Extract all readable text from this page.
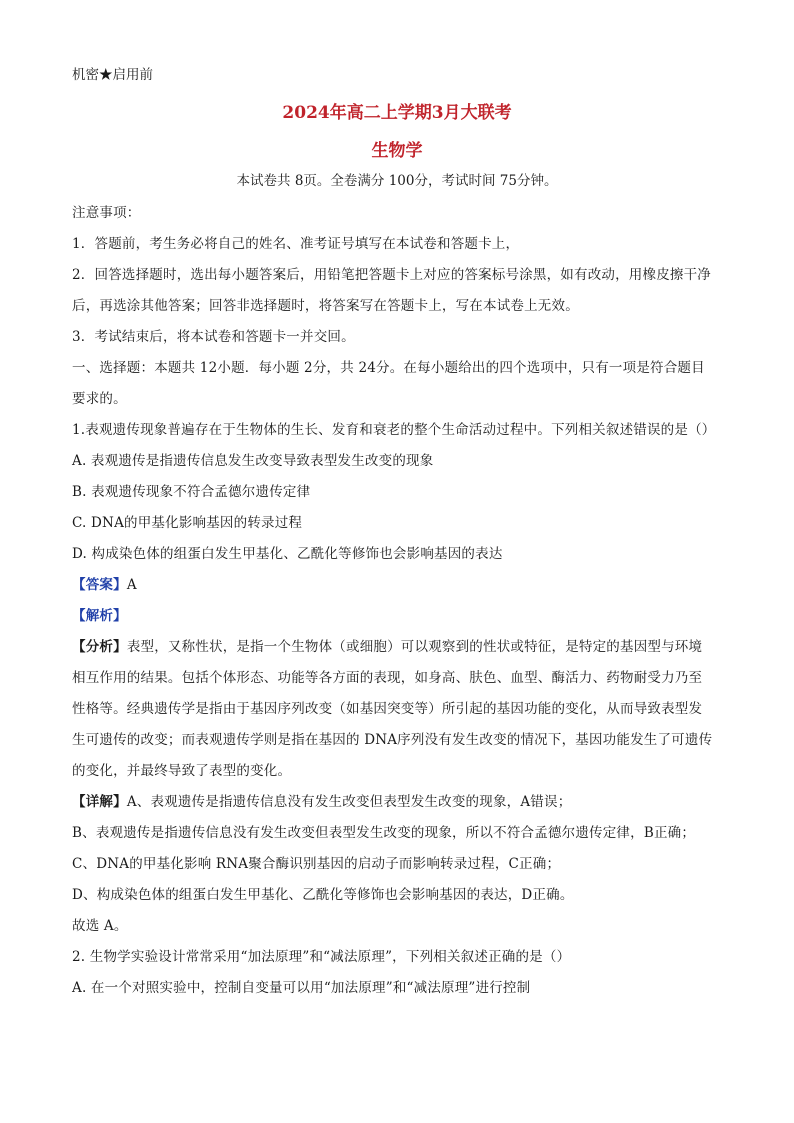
机密★启用前
2024年高二上学期3月大联考
生物学
本试卷共 8页。全卷满分 100分，考试时间 75分钟。
注意事项：
1．答题前，考生务必将自己的姓名、准考证号填写在本试卷和答题卡上，
2．回答选择题时，选出每小题答案后，用铅笔把答题卡上对应的答案标号涂黑，如有改动，用橡皮擦干净
后，再选涂其他答案；回答非选择题时，将答案写在答题卡上，写在本试卷上无效。
3．考试结束后，将本试卷和答题卡一并交回。
一、选择题：本题共 12小题．每小题 2分，共 24分。在每小题给出的四个选项中，只有一项是符合题目
要求的。
1.表观遗传现象普遍存在于生物体的生长、发育和衰老的整个生命活动过程中。下列相关叙述错误的是（）
A. 表观遗传是指遗传信息发生改变导致表型发生改变的现象
B. 表观遗传现象不符合孟德尔遗传定律
C. DNA的甲基化影响基因的转录过程
D. 构成染色体的组蛋白发生甲基化、乙酰化等修饰也会影响基因的表达
【答案】A
【解析】
【分析】表型，又称性状，是指一个生物体（或细胞）可以观察到的性状或特征，是特定的基因型与环境
相互作用的结果。包括个体形态、功能等各方面的表现，如身高、肤色、血型、酶活力、药物耐受力乃至
性格等。经典遗传学是指由于基因序列改变（如基因突变等）所引起的基因功能的变化，从而导致表型发
生可遗传的改变；而表观遗传学则是指在基因的 DNA序列没有发生改变的情况下，基因功能发生了可遗传
的变化，并最终导致了表型的变化。
【详解】A、表观遗传是指遗传信息没有发生改变但表型发生改变的现象，A错误；
B、表观遗传是指遗传信息没有发生改变但表型发生改变的现象，所以不符合孟德尔遗传定律，B正确；
C、DNA的甲基化影响 RNA聚合酶识别基因的启动子而影响转录过程，C正确；
D、构成染色体的组蛋白发生甲基化、乙酰化等修饰也会影响基因的表达，D正确。
故选 A。
2. 生物学实验设计常常采用“加法原理”和“减法原理”，下列相关叙述正确的是（）
A. 在一个对照实验中，控制自变量可以用“加法原理”和“减法原理”进行控制
